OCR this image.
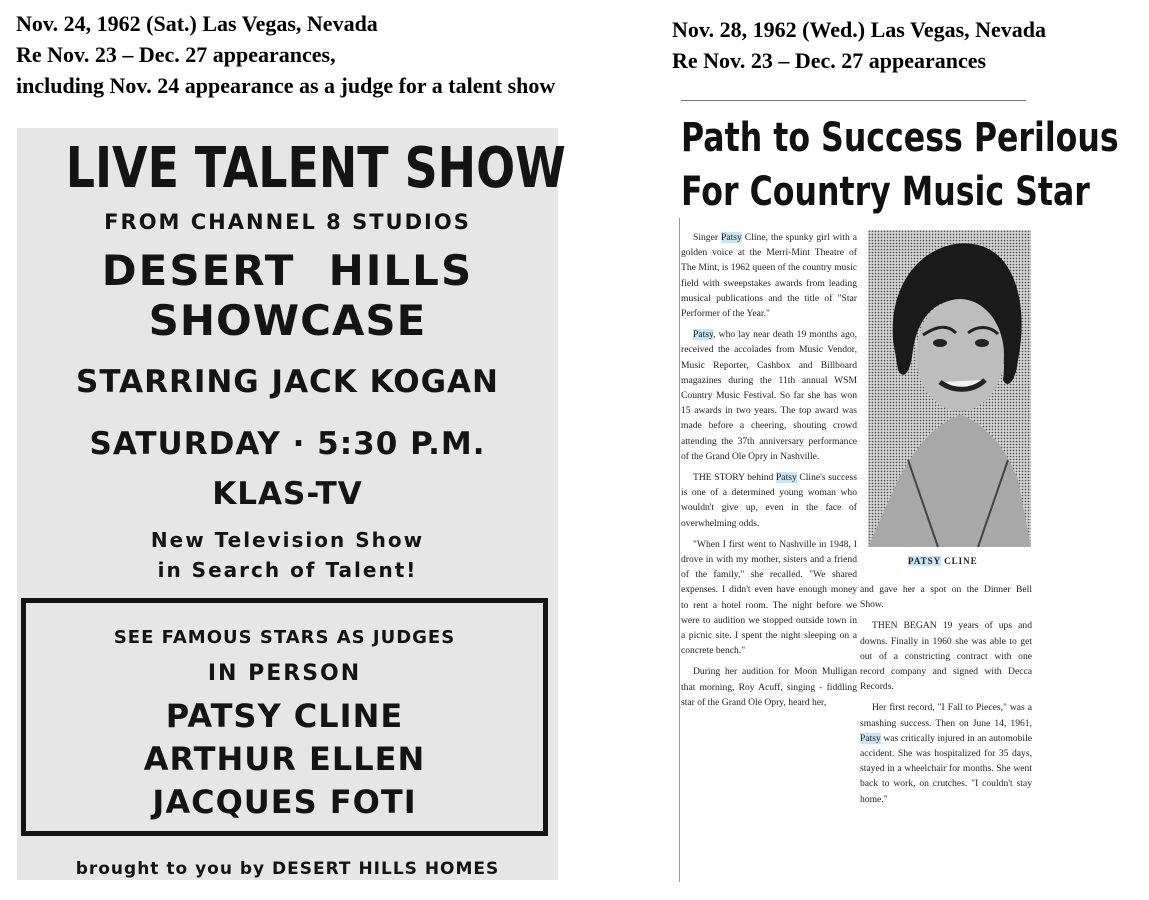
Nov. 24, 1962 (Sat.) Las Vegas, Nevada
Re Nov. 23 – Dec. 27 appearances,
including Nov. 24 appearance as a judge for a talent show
Nov. 28, 1962 (Wed.) Las Vegas, Nevada
Re Nov. 23 – Dec. 27 appearances
LIVE TALENT SHOW
FROM CHANNEL 8 STUDIOS
DESERT  HILLS
SHOWCASE
STARRING JACK KOGAN
SATURDAY · 5:30 P.M.
KLAS-TV
New Television Show
in Search of Talent!
SEE FAMOUS STARS AS JUDGES
IN PERSON
PATSY CLINE
ARTHUR ELLEN
JACQUES FOTI
brought to you by DESERT HILLS HOMES
Path to Success Perilous
For Country Music Star

Singer Patsy Cline, the spunky girl with a golden voice at the Merri-Mint Theatre of The Mint, is 1962 queen of the country music field with sweepstakes awards from leading musical publications and the title of "Star Performer of the Year."

Patsy, who lay near death 19 months ago, received the accolades from Music Vendor, Music Reporter, Cashbox and Billboard magazines during the 11th annual WSM Country Music Festival. So far she has won 15 awards in two years. The top award was made before a cheering, shouting crowd attending the 37th anniversary performance of the Grand Ole Opry in Nashville.

THE STORY behind Patsy Cline's success is one of a determined young woman who wouldn't give up, even in the face of overwhelming odds.

"When I first went to Nashville in 1948, I drove in with my mother, sisters and a friend of the family," she recalled. "We shared expenses. I didn't even have enough money to rent a hotel room. The night before we were to audition we stopped outside town in a picnic site. I spent the night sleeping on a concrete bench."

During her audition for Moon Mulligan that morning, Roy Acuff, singing - fiddling star of the Grand Ole Opry, heard her,

PATSY CLINE

and gave her a spot on the Dinner Bell Show.

THEN BEGAN 19 years of ups and downs. Finally in 1960 she was able to get out of a constricting contract with one record company and signed with Decca Records.

Her first record, "I Fall to Pieces," was a smashing success. Then on June 14, 1961, Patsy was critically injured in an automobile accident. She was hospitalized for 35 days, stayed in a wheelchair for months. She went back to work, on crutches. "I couldn't stay home."
